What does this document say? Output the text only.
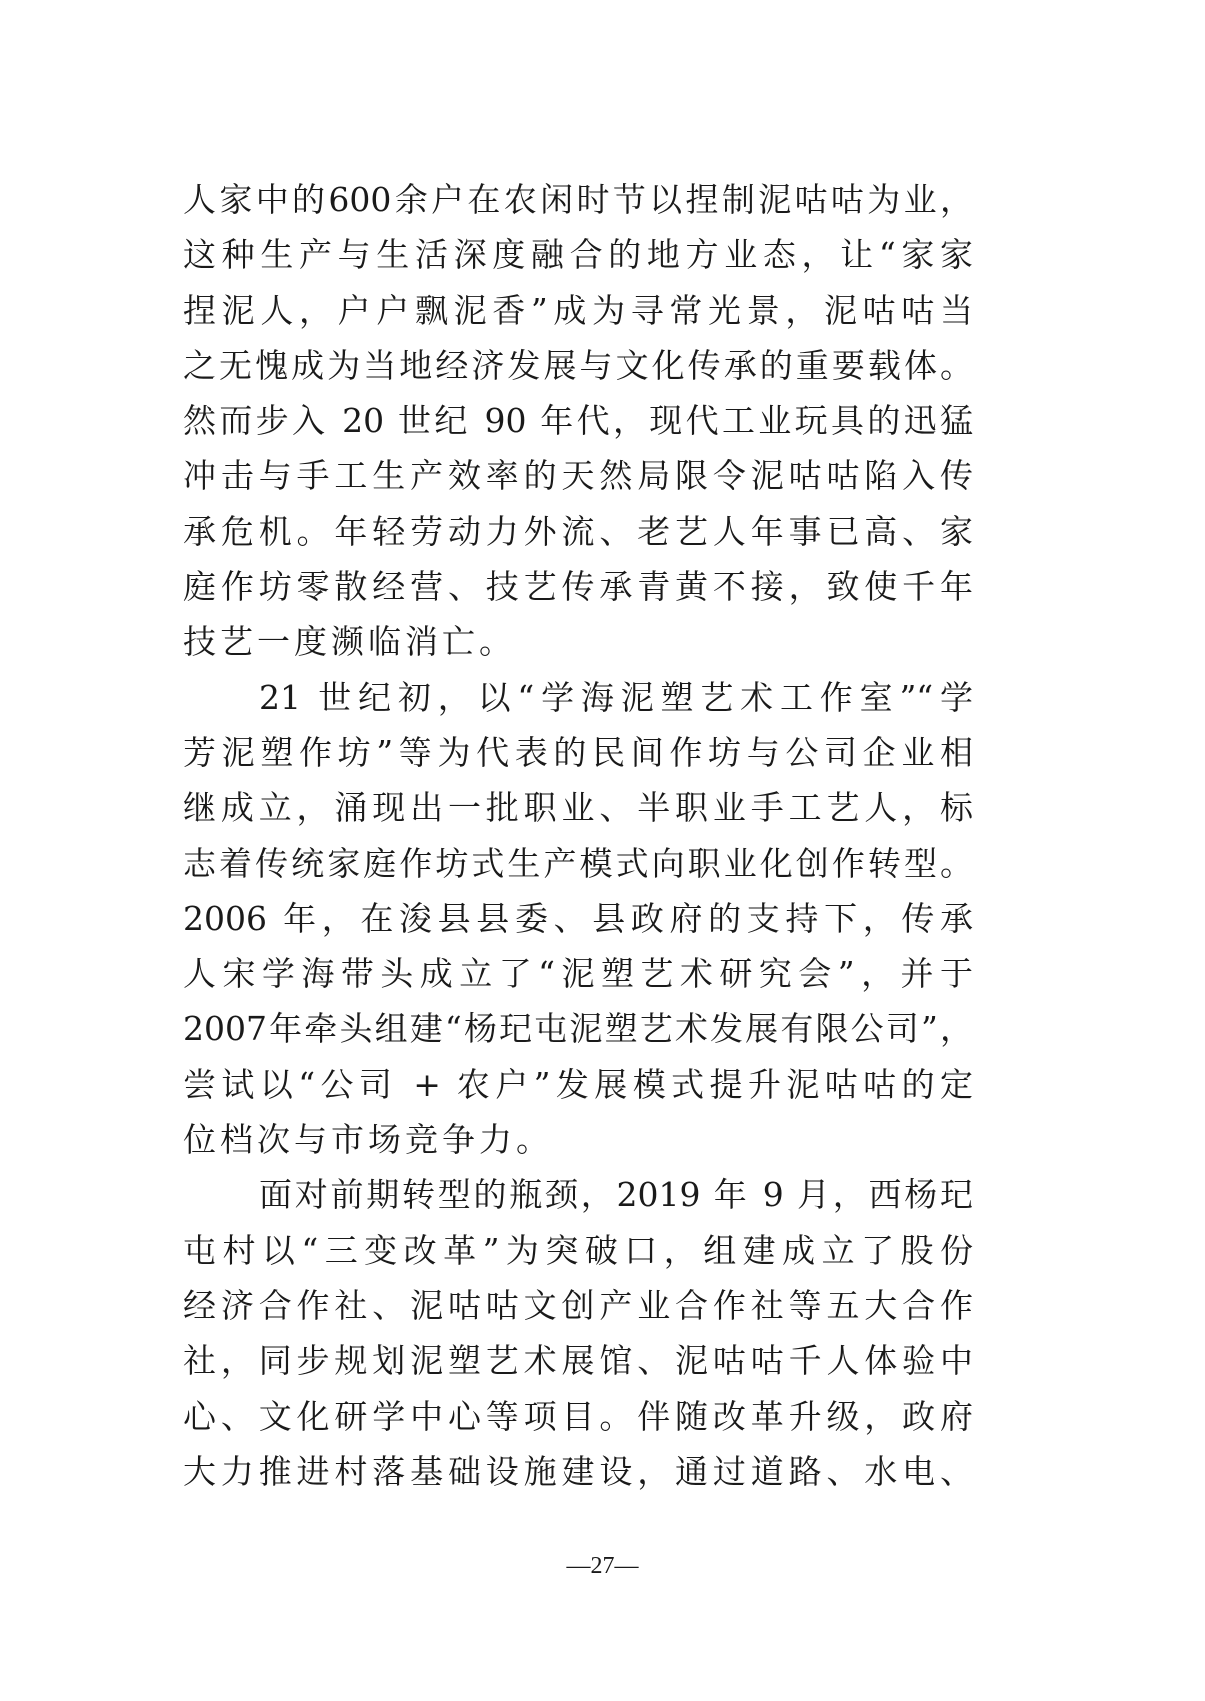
人家中的600余户在农闲时节以捏制泥咕咕为业，
这种生产与生活深度融合的地方业态，让“家家
捏泥人，户户飘泥香”成为寻常光景，泥咕咕当
之无愧成为当地经济发展与文化传承的重要载体。
然而步入 20 世纪 90 年代，现代工业玩具的迅猛
冲击与手工生产效率的天然局限令泥咕咕陷入传
承危机。年轻劳动力外流、老艺人年事已高、家
庭作坊零散经营、技艺传承青黄不接，致使千年
技艺一度濒临消亡。
21 世纪初，以“学海泥塑艺术工作室”“学
芳泥塑作坊”等为代表的民间作坊与公司企业相
继成立，涌现出一批职业、半职业手工艺人，标
志着传统家庭作坊式生产模式向职业化创作转型。
2006 年，在浚县县委、县政府的支持下，传承
人宋学海带头成立了“泥塑艺术研究会”，并于
2007年牵头组建“杨玘屯泥塑艺术发展有限公司”，
尝试以“公司 + 农户”发展模式提升泥咕咕的定
位档次与市场竞争力。
面对前期转型的瓶颈，2019 年 9 月，西杨玘
屯村以“三变改革”为突破口，组建成立了股份
经济合作社、泥咕咕文创产业合作社等五大合作
社，同步规划泥塑艺术展馆、泥咕咕千人体验中
心、文化研学中心等项目。伴随改革升级，政府
大力推进村落基础设施建设，通过道路、水电、
—27—
